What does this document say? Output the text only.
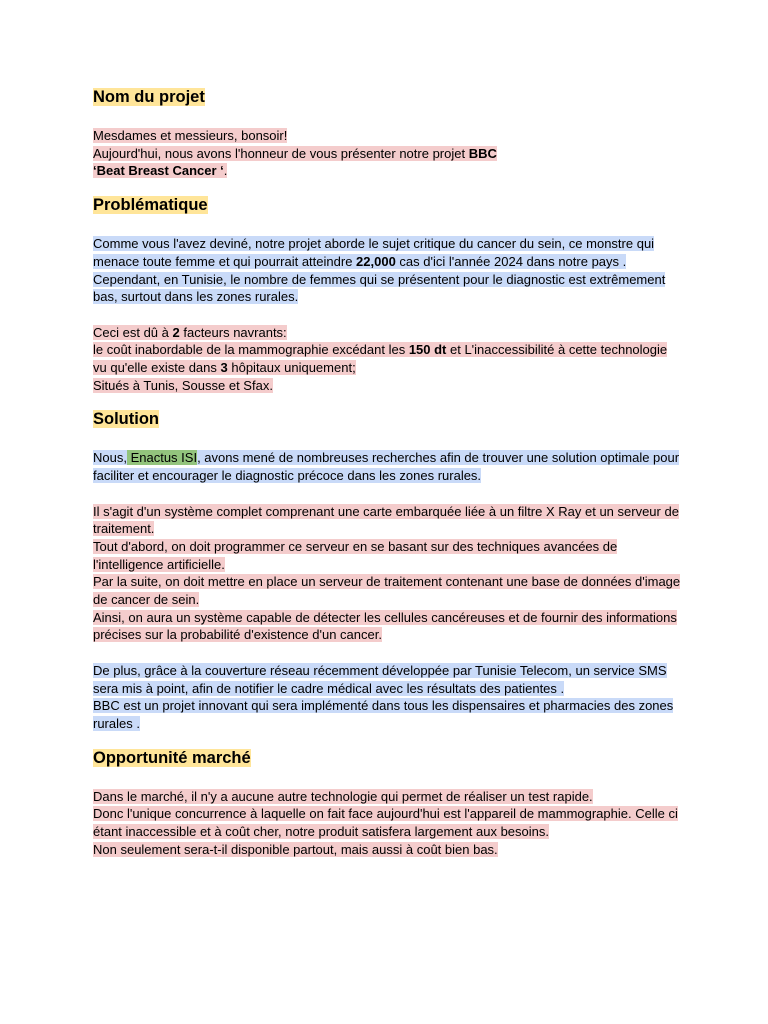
Nom du projet

Mesdames et messieurs, bonsoir!

Aujourd'hui, nous avons l'honneur de vous présenter notre projet BBC
‘Beat Breast Cancer ‘.

Problématique

Comme vous l'avez deviné, notre projet aborde le sujet critique du cancer du sein, ce monstre qui menace toute femme et qui pourrait atteindre 22,000 cas d'ici l'année 2024 dans notre pays .

Cependant, en Tunisie, le nombre de femmes qui se présentent pour le diagnostic est extrêmement bas, surtout dans les zones rurales.

Ceci est dû à 2 facteurs navrants:

le coût inabordable de la mammographie excédant les 150 dt et L'inaccessibilité à cette technologie vu qu'elle existe dans 3 hôpitaux uniquement;

Situés à Tunis, Sousse et Sfax.

Solution

Nous, Enactus ISI, avons mené de nombreuses recherches afin de trouver une solution optimale pour faciliter et encourager le diagnostic précoce dans les zones rurales.

Il s'agit d'un système complet comprenant une carte embarquée liée à un filtre X Ray et un serveur de traitement.

Tout d'abord, on doit programmer ce serveur en se basant sur des techniques avancées de l'intelligence artificielle.

Par la suite, on doit mettre en place un serveur de traitement contenant une base de données d'image de cancer de sein.

Ainsi, on aura un système capable de détecter les cellules cancéreuses et de fournir des informations précises sur la probabilité d'existence d'un cancer.

De plus, grâce à la couverture réseau récemment développée par Tunisie Telecom, un service SMS sera mis à point, afin de notifier le cadre médical avec les résultats des patientes .

BBC est un projet innovant qui sera implémenté dans tous les dispensaires et pharmacies des zones rurales .

Opportunité marché

Dans le marché, il n'y a aucune autre technologie qui permet de réaliser un test rapide.

Donc l'unique concurrence à laquelle on fait face aujourd'hui est l'appareil de mammographie. Celle ci étant inaccessible et à coût cher, notre produit satisfera largement aux besoins.

Non seulement sera-t-il disponible partout, mais aussi à coût bien bas.
